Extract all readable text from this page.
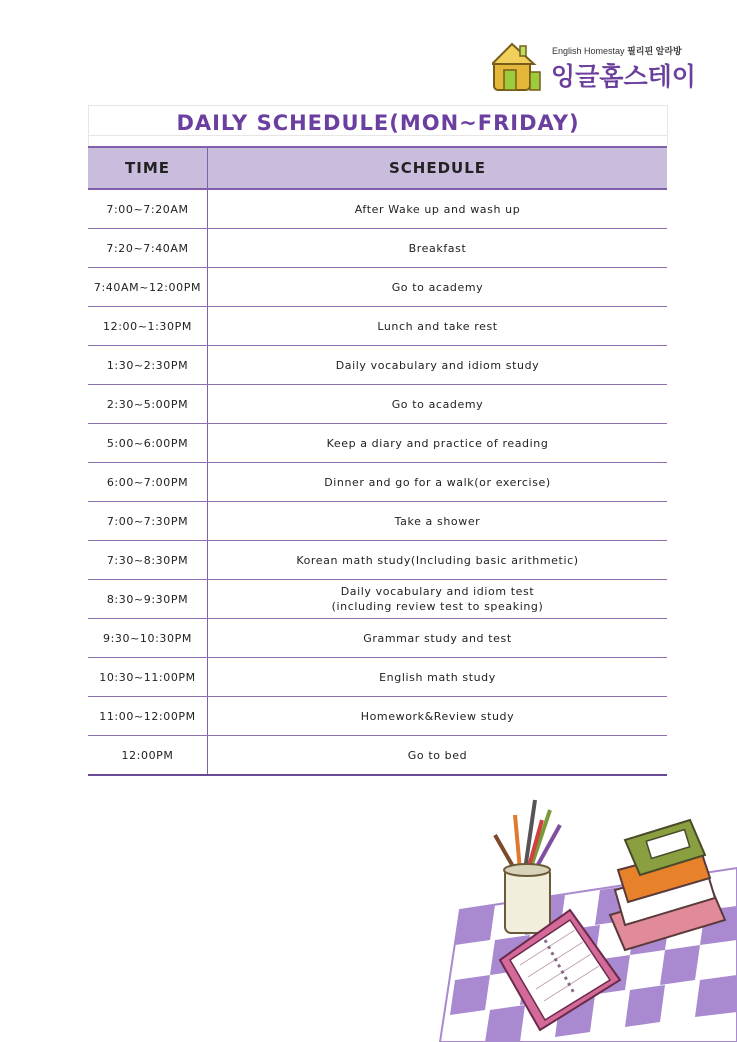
English Homestay 필리핀 알라방
잉글홈스테이
DAILY SCHEDULE(MON~FRIDAY)
TIME	SCHEDULE
7:00~7:20AM	After Wake up and wash up

7:20~7:40AM	Breakfast

7:40AM~12:00PM	Go to academy

12:00~1:30PM	Lunch and take rest

1:30~2:30PM	Daily vocabulary and idiom study

2:30~5:00PM	Go to academy

5:00~6:00PM	Keep a diary and practice of reading

6:00~7:00PM	Dinner and go for a walk(or exercise)

7:00~7:30PM	Take a shower

7:30~8:30PM	Korean math study(Including basic arithmetic)

8:30~9:30PM	Daily vocabulary and idiom test
(including review test to speaking)

9:30~10:30PM	Grammar study and test

10:30~11:00PM	English math study

11:00~12:00PM	Homework&Review study

12:00PM	Go to bed
